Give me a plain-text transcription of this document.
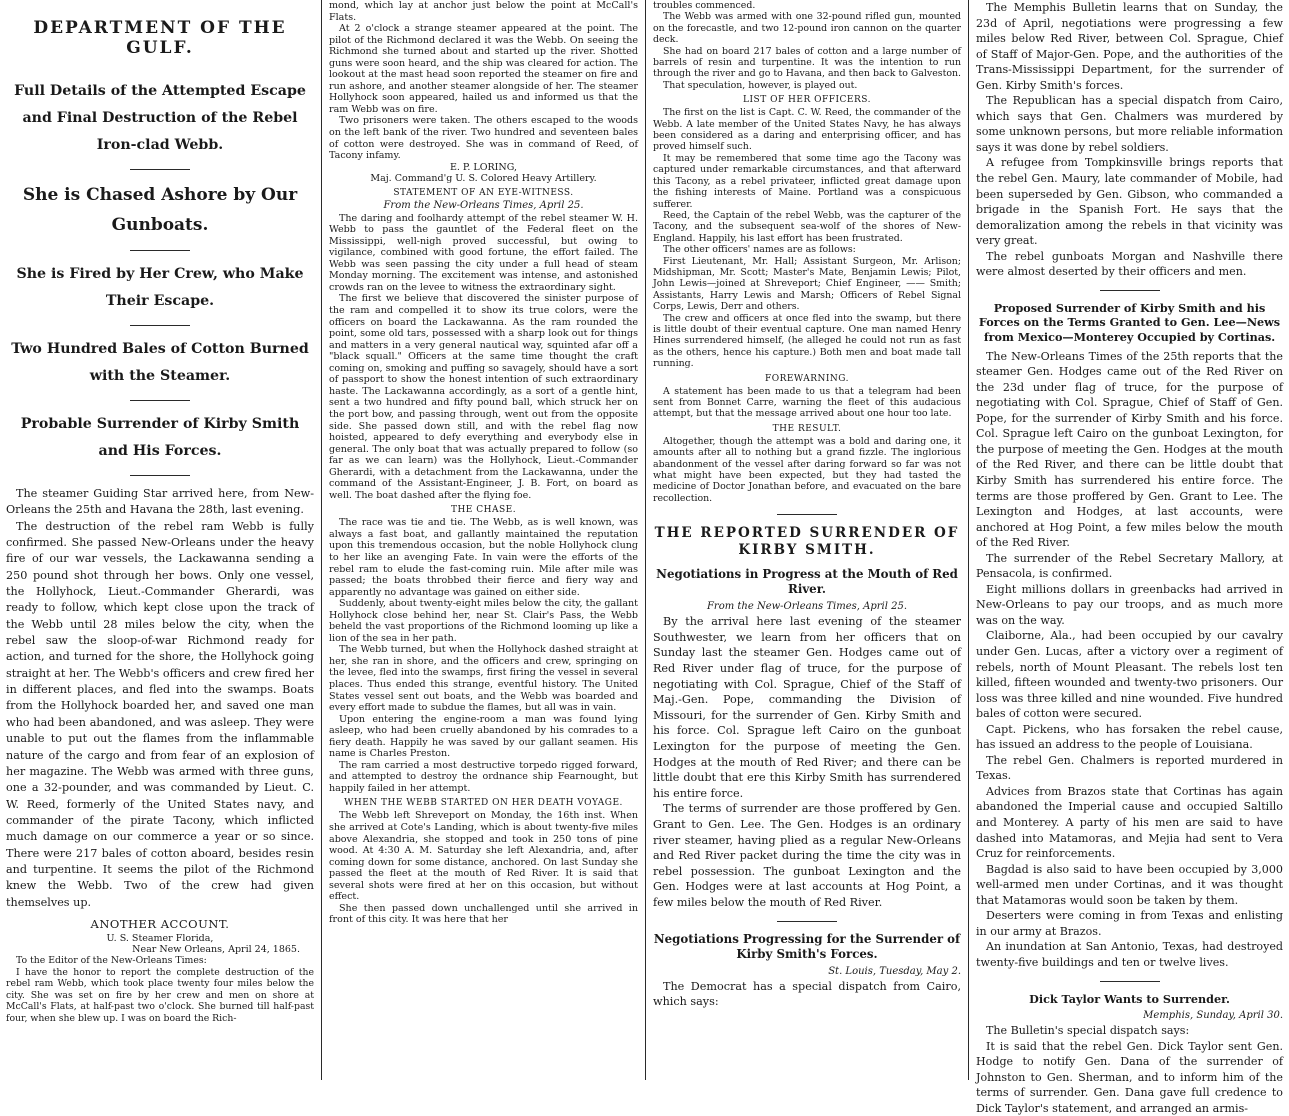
DEPARTMENT OF THE GULF.
Full Details of the Attempted Escape and Final Destruction of the Rebel Iron-clad Webb.
She is Chased Ashore by Our Gunboats.
She is Fired by Her Crew, who Make Their Escape.
Two Hundred Bales of Cotton Burned with the Steamer.
Probable Surrender of Kirby Smith and His Forces.

The steamer Guiding Star arrived here, from New-Orleans the 25th and Havana the 28th, last evening.

The destruction of the rebel ram Webb is fully confirmed. She passed New-Orleans under the heavy fire of our war vessels, the Lackawanna sending a 250 pound shot through her bows. Only one vessel, the Hollyhock, Lieut.-Commander Gherardi, was ready to follow, which kept close upon the track of the Webb until 28 miles below the city, when the rebel saw the sloop-of-war Richmond ready for action, and turned for the shore, the Hollyhock going straight at her. The Webb's officers and crew fired her in different places, and fled into the swamps. Boats from the Hollyhock boarded her, and saved one man who had been abandoned, and was asleep. They were unable to put out the flames from the inflammable nature of the cargo and from fear of an explosion of her magazine. The Webb was armed with three guns, one a 32-pounder, and was commanded by Lieut. C. W. Reed, formerly of the United States navy, and commander of the pirate Tacony, which inflicted much damage on our commerce a year or so since. There were 217 bales of cotton aboard, besides resin and turpentine. It seems the pilot of the Richmond knew the Webb. Two of the crew had given themselves up.

ANOTHER ACCOUNT.
U. S. Steamer Florida,
Near New Orleans, April 24, 1865.

To the Editor of the New-Orleans Times:

I have the honor to report the complete destruction of the rebel ram Webb, which took place twenty four miles below the city. She was set on fire by her crew and men on shore at McCall's Flats, at half-past two o'clock. She burned till half-past four, when she blew up. I was on board the Rich-

mond, which lay at anchor just below the point at McCall's Flats.

At 2 o'clock a strange steamer appeared at the point. The pilot of the Richmond declared it was the Webb. On seeing the Richmond she turned about and started up the river. Shotted guns were soon heard, and the ship was cleared for action. The lookout at the mast head soon reported the steamer on fire and run ashore, and another steamer alongside of her. The steamer Hollyhock soon appeared, hailed us and informed us that the ram Webb was on fire.

Two prisoners were taken. The others escaped to the woods on the left bank of the river. Two hundred and seventeen bales of cotton were destroyed. She was in command of Reed, of Tacony infamy.

E. P. LORING,
Maj. Command'g U. S. Colored Heavy Artillery.
STATEMENT OF AN EYE-WITNESS.
From the New-Orleans Times, April 25.

The daring and foolhardy attempt of the rebel steamer W. H. Webb to pass the gauntlet of the Federal fleet on the Mississippi, well-nigh proved successful, but owing to vigilance, combined with good fortune, the effort failed. The Webb was seen passing the city under a full head of steam Monday morning. The excitement was intense, and astonished crowds ran on the levee to witness the extraordinary sight.

The first we believe that discovered the sinister purpose of the ram and compelled it to show its true colors, were the officers on board the Lackawanna. As the ram rounded the point, some old tars, possessed with a sharp look out for things and matters in a very general nautical way, squinted afar off a "black squall." Officers at the same time thought the craft coming on, smoking and puffing so savagely, should have a sort of passport to show the honest intention of such extraordinary haste. The Lackawanna accordingly, as a sort of a gentle hint, sent a two hundred and fifty pound ball, which struck her on the port bow, and passing through, went out from the opposite side. She passed down still, and with the rebel flag now hoisted, appeared to defy everything and everybody else in general. The only boat that was actually prepared to follow (so far as we can learn) was the Hollyhock, Lieut.-Commander Gherardi, with a detachment from the Lackawanna, under the command of the Assistant-Engineer, J. B. Fort, on board as well. The boat dashed after the flying foe.

THE CHASE.

The race was tie and tie. The Webb, as is well known, was always a fast boat, and gallantly maintained the reputation upon this tremendous occasion, but the noble Hollyhock clung to her like an avenging Fate. In vain were the efforts of the rebel ram to elude the fast-coming ruin. Mile after mile was passed; the boats throbbed their fierce and fiery way and apparently no advantage was gained on either side.

Suddenly, about twenty-eight miles below the city, the gallant Hollyhock close behind her, near St. Clair's Pass, the Webb beheld the vast proportions of the Richmond looming up like a lion of the sea in her path.

The Webb turned, but when the Hollyhock dashed straight at her, she ran in shore, and the officers and crew, springing on the levee, fled into the swamps, first firing the vessel in several places. Thus ended this strange, eventful history. The United States vessel sent out boats, and the Webb was boarded and every effort made to subdue the flames, but all was in vain.

Upon entering the engine-room a man was found lying asleep, who had been cruelly abandoned by his comrades to a fiery death. Happily he was saved by our gallant seamen. His name is Charles Preston.

The ram carried a most destructive torpedo rigged forward, and attempted to destroy the ordnance ship Fearnought, but happily failed in her attempt.

WHEN THE WEBB STARTED ON HER DEATH VOYAGE.

The Webb left Shreveport on Monday, the 16th inst. When she arrived at Cote's Landing, which is about twenty-five miles above Alexandria, she stopped and took in 250 tons of pine wood. At 4:30 A. M. Saturday she left Alexandria, and, after coming down for some distance, anchored. On last Sunday she passed the fleet at the mouth of Red River. It is said that several shots were fired at her on this occasion, but without effect.

She then passed down unchallenged until she arrived in front of this city. It was here that her

troubles commenced.

The Webb was armed with one 32-pound rifled gun, mounted on the forecastle, and two 12-pound iron cannon on the quarter deck.

She had on board 217 bales of cotton and a large number of barrels of resin and turpentine. It was the intention to run through the river and go to Havana, and then back to Galveston.

That speculation, however, is played out.

LIST OF HER OFFICERS.

The first on the list is Capt. C. W. Reed, the commander of the Webb. A late member of the United States Navy, he has always been considered as a daring and enterprising officer, and has proved himself such.

It may be remembered that some time ago the Tacony was captured under remarkable circumstances, and that afterward this Tacony, as a rebel privateer, inflicted great damage upon the fishing interests of Maine. Portland was a conspicuous sufferer.

Reed, the Captain of the rebel Webb, was the capturer of the Tacony, and the subsequent sea-wolf of the shores of New-England. Happily, his last effort has been frustrated.

The other officers' names are as follows:

First Lieutenant, Mr. Hall; Assistant Surgeon, Mr. Arlison; Midshipman, Mr. Scott; Master's Mate, Benjamin Lewis; Pilot, John Lewis—joined at Shreveport; Chief Engineer, —— Smith; Assistants, Harry Lewis and Marsh; Officers of Rebel Signal Corps, Lewis, Derr and others.

The crew and officers at once fled into the swamp, but there is little doubt of their eventual capture. One man named Henry Hines surrendered himself, (he alleged he could not run as fast as the others, hence his capture.) Both men and boat made tall running.

FOREWARNING.

A statement has been made to us that a telegram had been sent from Bonnet Carre, warning the fleet of this audacious attempt, but that the message arrived about one hour too late.

THE RESULT.

Altogether, though the attempt was a bold and daring one, it amounts after all to nothing but a grand fizzle. The inglorious abandonment of the vessel after daring forward so far was not what might have been expected, but they had tasted the medicine of Doctor Jonathan before, and evacuated on the bare recollection.

THE REPORTED SURRENDER OF KIRBY SMITH.
Negotiations in Progress at the Mouth of Red River.
From the New-Orleans Times, April 25.

By the arrival here last evening of the steamer Southwester, we learn from her officers that on Sunday last the steamer Gen. Hodges came out of Red River under flag of truce, for the purpose of negotiating with Col. Sprague, Chief of the Staff of Maj.-Gen. Pope, commanding the Division of Missouri, for the surrender of Gen. Kirby Smith and his force. Col. Sprague left Cairo on the gunboat Lexington for the purpose of meeting the Gen. Hodges at the mouth of Red River; and there can be little doubt that ere this Kirby Smith has surrendered his entire force.

The terms of surrender are those proffered by Gen. Grant to Gen. Lee. The Gen. Hodges is an ordinary river steamer, having plied as a regular New-Orleans and Red River packet during the time the city was in rebel possession. The gunboat Lexington and the Gen. Hodges were at last accounts at Hog Point, a few miles below the mouth of Red River.

Negotiations Progressing for the Surrender of Kirby Smith's Forces.
St. Louis, Tuesday, May 2.

The Democrat has a special dispatch from Cairo, which says:

The Memphis Bulletin learns that on Sunday, the 23d of April, negotiations were progressing a few miles below Red River, between Col. Sprague, Chief of Staff of Major-Gen. Pope, and the authorities of the Trans-Mississippi Department, for the surrender of Gen. Kirby Smith's forces.

The Republican has a special dispatch from Cairo, which says that Gen. Chalmers was murdered by some unknown persons, but more reliable information says it was done by rebel soldiers.

A refugee from Tompkinsville brings reports that the rebel Gen. Maury, late commander of Mobile, had been superseded by Gen. Gibson, who commanded a brigade in the Spanish Fort. He says that the demoralization among the rebels in that vicinity was very great.

The rebel gunboats Morgan and Nashville there were almost deserted by their officers and men.

Proposed Surrender of Kirby Smith and his Forces on the Terms Granted to Gen. Lee—News from Mexico—Monterey Occupied by Cortinas.

The New-Orleans Times of the 25th reports that the steamer Gen. Hodges came out of the Red River on the 23d under flag of truce, for the purpose of negotiating with Col. Sprague, Chief of Staff of Gen. Pope, for the surrender of Kirby Smith and his force. Col. Sprague left Cairo on the gunboat Lexington, for the purpose of meeting the Gen. Hodges at the mouth of the Red River, and there can be little doubt that Kirby Smith has surrendered his entire force. The terms are those proffered by Gen. Grant to Lee. The Lexington and Hodges, at last accounts, were anchored at Hog Point, a few miles below the mouth of the Red River.

The surrender of the Rebel Secretary Mallory, at Pensacola, is confirmed.

Eight millions dollars in greenbacks had arrived in New-Orleans to pay our troops, and as much more was on the way.

Claiborne, Ala., had been occupied by our cavalry under Gen. Lucas, after a victory over a regiment of rebels, north of Mount Pleasant. The rebels lost ten killed, fifteen wounded and twenty-two prisoners. Our loss was three killed and nine wounded. Five hundred bales of cotton were secured.

Capt. Pickens, who has forsaken the rebel cause, has issued an address to the people of Louisiana.

The rebel Gen. Chalmers is reported murdered in Texas.

Advices from Brazos state that Cortinas has again abandoned the Imperial cause and occupied Saltillo and Monterey. A party of his men are said to have dashed into Matamoras, and Mejia had sent to Vera Cruz for reinforcements.

Bagdad is also said to have been occupied by 3,000 well-armed men under Cortinas, and it was thought that Matamoras would soon be taken by them.

Deserters were coming in from Texas and enlisting in our army at Brazos.

An inundation at San Antonio, Texas, had destroyed twenty-five buildings and ten or twelve lives.

Dick Taylor Wants to Surrender.
Memphis, Sunday, April 30.

The Bulletin's special dispatch says:

It is said that the rebel Gen. Dick Taylor sent Gen. Hodge to notify Gen. Dana of the surrender of Johnston to Gen. Sherman, and to inform him of the terms of surrender. Gen. Dana gave full credence to Dick Taylor's statement, and arranged an armis-
